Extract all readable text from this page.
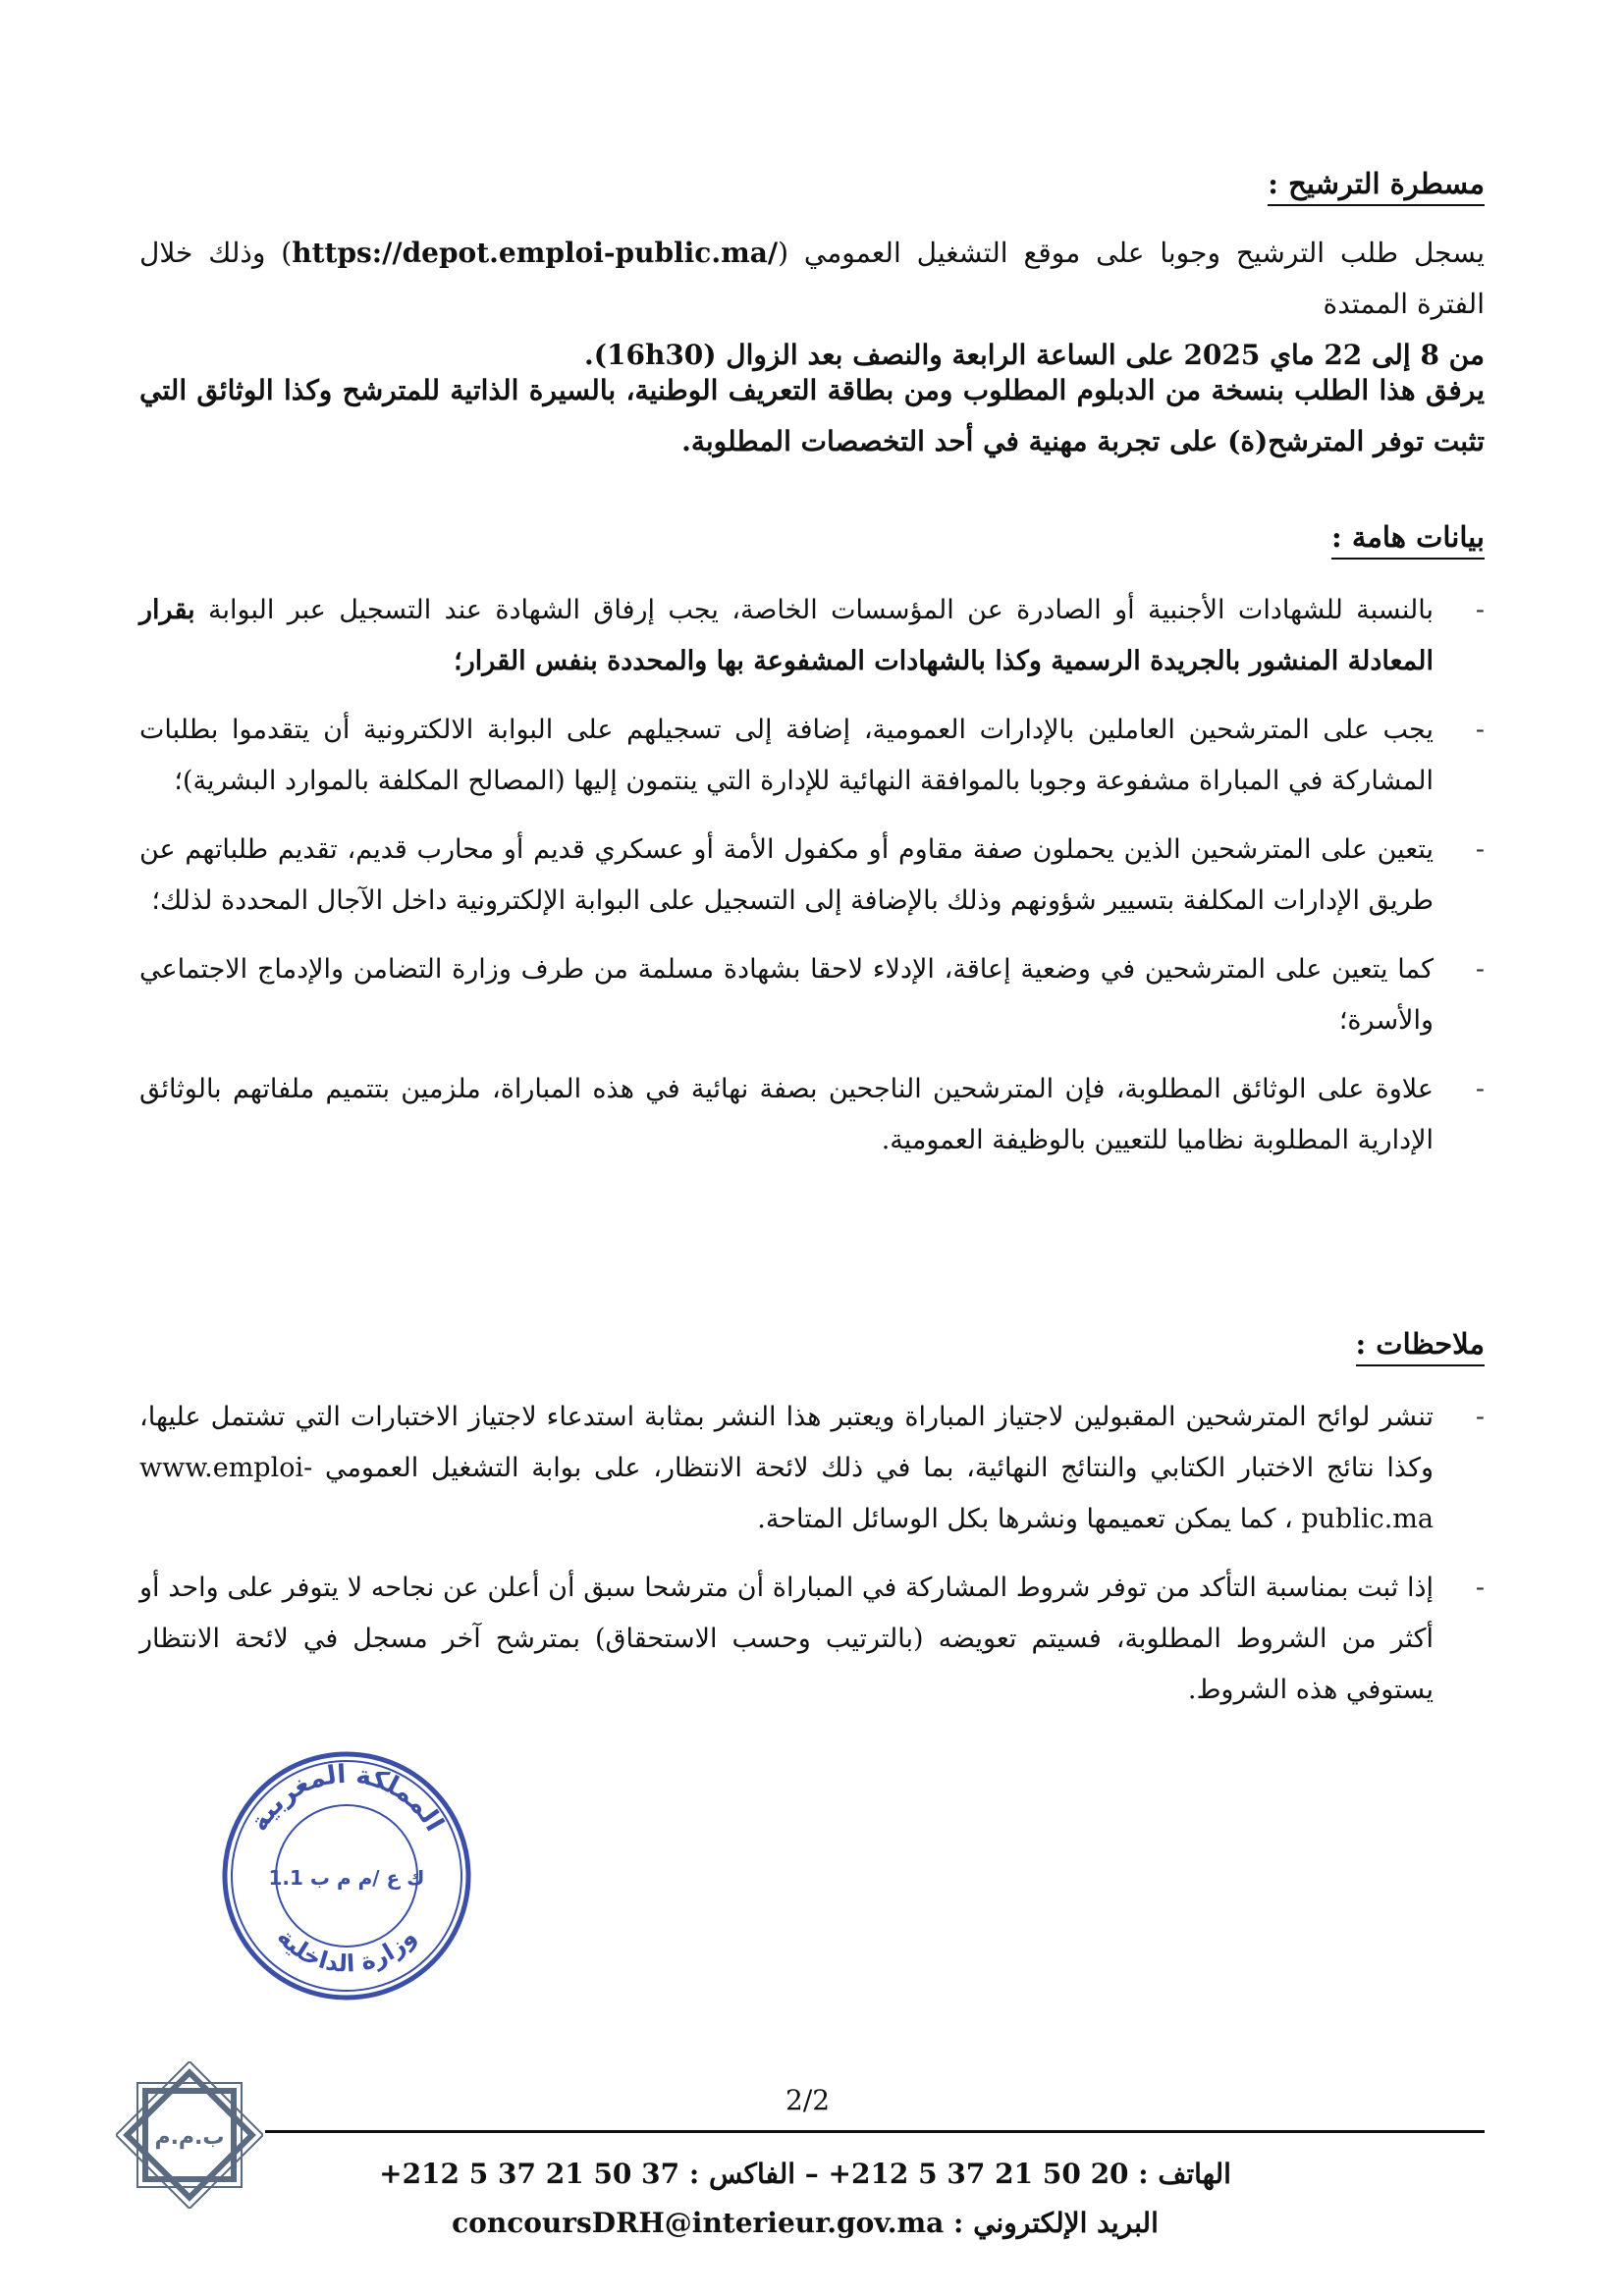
مسطرة الترشيح :
يسجل طلب الترشيح وجوبا على موقع التشغيل العمومي (https://depot.emploi-public.ma/) وذلك خلال الفترة الممتدة
من 8 إلى 22 ماي 2025 على الساعة الرابعة والنصف بعد الزوال (16h30).
يرفق هذا الطلب بنسخة من الدبلوم المطلوب ومن بطاقة التعريف الوطنية، بالسيرة الذاتية للمترشح وكذا الوثائق التي تثبت توفر المترشح(ة) على تجربة مهنية في أحد التخصصات المطلوبة.
بيانات هامة :
-
بالنسبة للشهادات الأجنبية أو الصادرة عن المؤسسات الخاصة، يجب إرفاق الشهادة عند التسجيل عبر البوابة بقرار المعادلة المنشور بالجريدة الرسمية وكذا بالشهادات المشفوعة بها والمحددة بنفس القرار؛
-
يجب على المترشحين العاملين بالإدارات العمومية، إضافة إلى تسجيلهم على البوابة الالكترونية أن يتقدموا بطلبات المشاركة في المباراة مشفوعة وجوبا بالموافقة النهائية للإدارة التي ينتمون إليها (المصالح المكلفة بالموارد البشرية)؛
-
يتعين على المترشحين الذين يحملون صفة مقاوم أو مكفول الأمة أو عسكري قديم أو محارب قديم، تقديم طلباتهم عن طريق الإدارات المكلفة بتسيير شؤونهم وذلك بالإضافة إلى التسجيل على البوابة الإلكترونية داخل الآجال المحددة لذلك؛
-
كما يتعين على المترشحين في وضعية إعاقة، الإدلاء لاحقا بشهادة مسلمة من طرف وزارة التضامن والإدماج الاجتماعي والأسرة؛
-
علاوة على الوثائق المطلوبة، فإن المترشحين الناجحين بصفة نهائية في هذه المباراة، ملزمين بتتميم ملفاتهم بالوثائق الإدارية المطلوبة نظاميا للتعيين بالوظيفة العمومية.
ملاحظات :
-
تنشر لوائح المترشحين المقبولين لاجتياز المباراة ويعتبر هذا النشر بمثابة استدعاء لاجتياز الاختبارات التي تشتمل عليها، وكذا نتائج الاختبار الكتابي والنتائج النهائية، بما في ذلك لائحة الانتظار، على بوابة التشغيل العمومي www.emploi-public.ma ، كما يمكن تعميمها ونشرها بكل الوسائل المتاحة.
-
إذا ثبت بمناسبة التأكد من توفر شروط المشاركة في المباراة أن مترشحا سبق أن أعلن عن نجاحه لا يتوفر على واحد أو أكثر من الشروط المطلوبة، فسيتم تعويضه (بالترتيب وحسب الاستحقاق) بمترشح آخر مسجل في لائحة الانتظار يستوفي هذه الشروط.
المملكة المغربية
وزارة الداخلية
ك ع /م م ب 1.1
ب.م.م
2/2
الهاتف : 20 50 21 37 5 212+ – الفاكس : 37 50 21 37 5 212+
البريد الإلكتروني : concoursDRH@interieur.gov.ma
